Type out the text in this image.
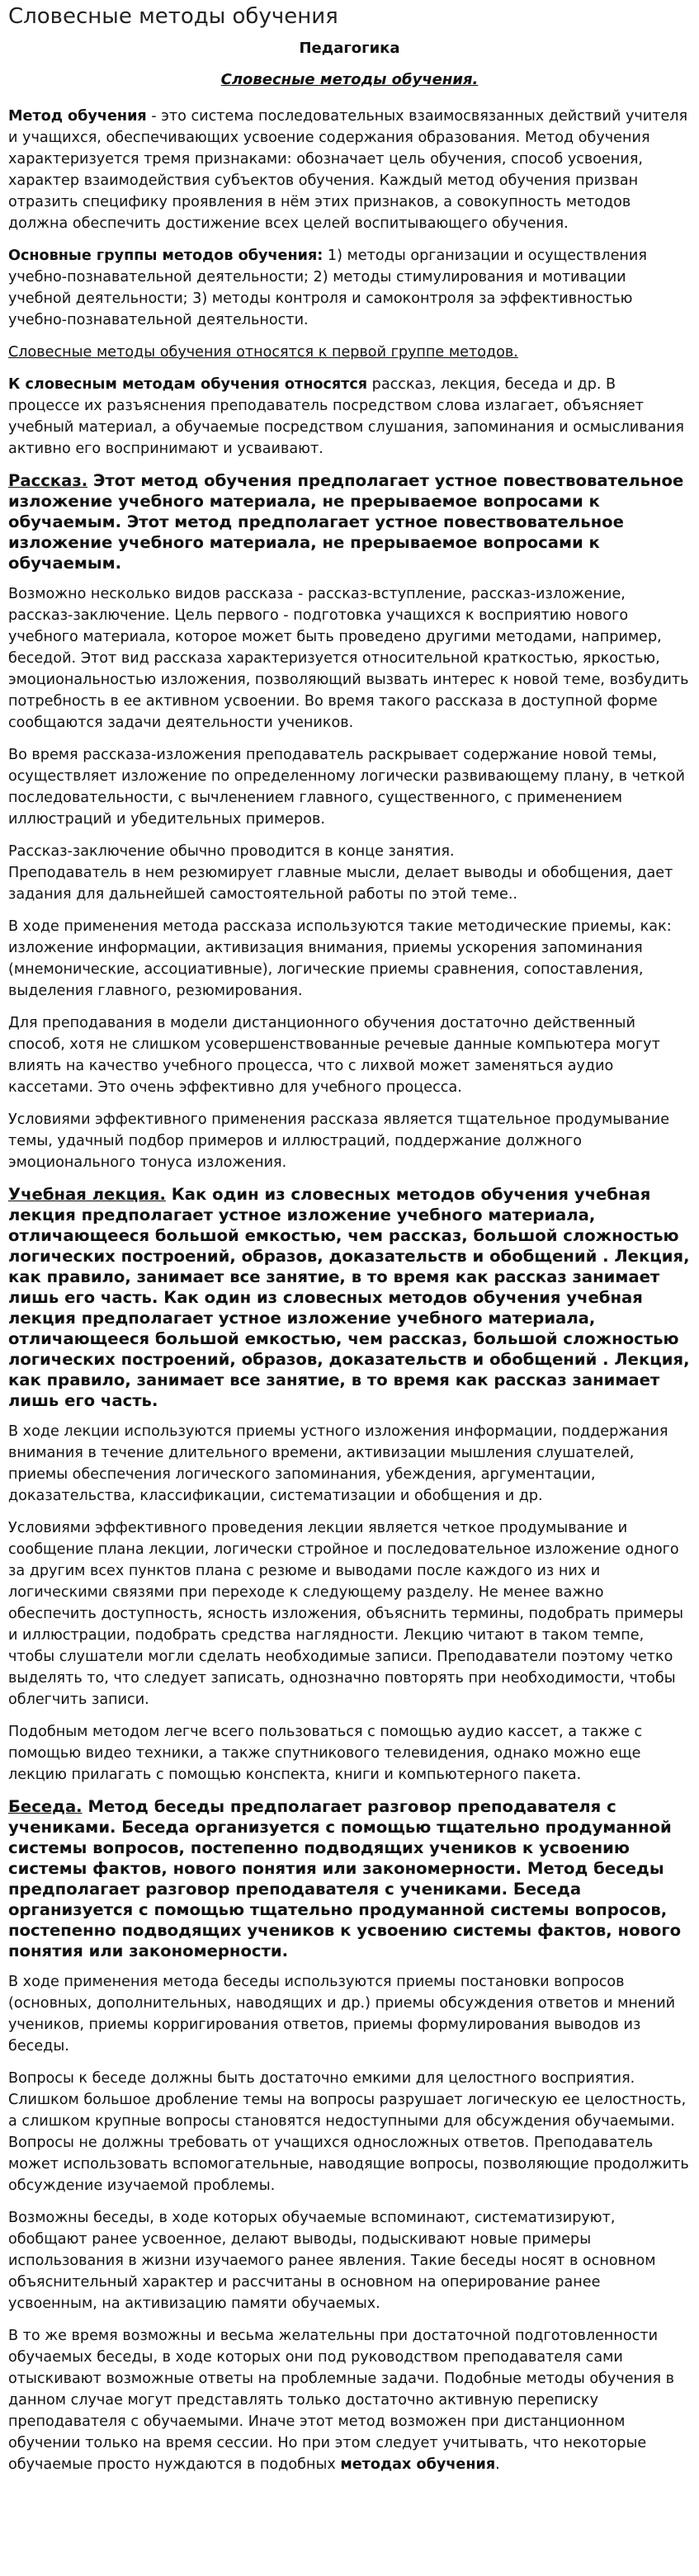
Словесные методы обучения
Педагогика
Словесные методы обучения.

Метод обучения - это система последовательных взаимосвязанных действий учителя и учащихся, обеспечивающих усвоение содержания образования. Метод обучения характеризуется тремя признаками: обозначает цель обучения, способ усвоения, характер взаимодействия субъектов обучения. Каждый метод обучения призван отразить специфику проявления в нём этих признаков, а совокупность методов должна обеспечить достижение всех целей воспитывающего обучения.

Основные группы методов обучения: 1) методы организации и осуществления учебно-познавательной деятельности; 2) методы стимулирования и мотивации учебной деятельности; 3) методы контроля и самоконтроля за эффективностью учебно-познавательной деятельности.

Словесные методы обучения относятся к первой группе методов.

К словесным методам обучения относятся рассказ, лекция, беседа и др. В процессе их разъяснения преподаватель посредством слова излагает, объясняет учебный материал, а обучаемые посредством слушания, запоминания и осмысливания активно его воспринимают и усваивают.

Рассказ. Этот метод обучения предполагает устное повествовательное изложение учебного материала, не прерываемое вопросами к обучаемым. Этот метод предполагает устное повествовательное изложение учебного материала, не прерываемое вопросами к обучаемым.

Возможно несколько видов рассказа - рассказ-вступление, рассказ-изложение, рассказ-заключение. Цель первого - подготовка учащихся к восприятию нового учебного материала, которое может быть проведено другими методами, например, беседой. Этот вид рассказа характеризуется относительной краткостью, яркостью, эмоциональностью изложения, позволяющий вызвать интерес к новой теме, возбудить потребность в ее активном усвоении. Во время такого рассказа в доступной форме сообщаются задачи деятельности учеников.

Во время рассказа-изложения преподаватель раскрывает содержание новой темы, осуществляет изложение по определенному логически развивающему плану, в четкой последовательности, с вычленением главного, существенного, с применением иллюстраций и убедительных примеров.

Рассказ-заключение обычно проводится в конце занятия.
Преподаватель в нем резюмирует главные мысли, делает выводы и обобщения, дает задания для дальнейшей самостоятельной работы по этой теме..

В ходе применения метода рассказа используются такие методические приемы, как: изложение информации, активизация внимания, приемы ускорения запоминания (мнемонические, ассоциативные), логические приемы сравнения, сопоставления, выделения главного, резюмирования.

Для преподавания в модели дистанционного обучения достаточно действенный способ, хотя не слишком усовершенствованные речевые данные компьютера могут влиять на качество учебного процесса, что с лихвой может заменяться аудио кассетами. Это очень эффективно для учебного процесса.

Условиями эффективного применения рассказа является тщательное продумывание темы, удачный подбор примеров и иллюстраций, поддержание должного эмоционального тонуса изложения.

Учебная лекция. Как один из словесных методов обучения учебная лекция предполагает устное изложение учебного материала, отличающееся большой емкостью, чем рассказ, большой сложностью логических построений, образов, доказательств и обобщений . Лекция, как правило, занимает все занятие, в то время как рассказ занимает лишь его часть. Как один из словесных методов обучения учебная лекция предполагает устное изложение учебного материала, отличающееся большой емкостью, чем рассказ, большой сложностью логических построений, образов, доказательств и обобщений . Лекция, как правило, занимает все занятие, в то время как рассказ занимает лишь его часть.

В ходе лекции используются приемы устного изложения информации, поддержания внимания в течение длительного времени, активизации мышления слушателей, приемы обеспечения логического запоминания, убеждения, аргументации, доказательства, классификации, систематизации и обобщения и др.

Условиями эффективного проведения лекции является четкое продумывание и сообщение плана лекции, логически стройное и последовательное изложение одного за другим всех пунктов плана с резюме и выводами после каждого из них и логическими связями при переходе к следующему разделу. Не менее важно обеспечить доступность, ясность изложения, объяснить термины, подобрать примеры и иллюстрации, подобрать средства наглядности. Лекцию читают в таком темпе, чтобы слушатели могли сделать необходимые записи. Преподаватели поэтому четко выделять то, что следует записать, однозначно повторять при необходимости, чтобы облегчить записи.

Подобным методом легче всего пользоваться с помощью аудио кассет, а также с помощью видео техники, а также спутникового телевидения, однако можно еще лекцию прилагать с помощью конспекта, книги и компьютерного пакета.

Беседа. Метод беседы предполагает разговор преподавателя с учениками. Беседа организуется с помощью тщательно продуманной системы вопросов, постепенно подводящих учеников к усвоению системы фактов, нового понятия или закономерности. Метод беседы предполагает разговор преподавателя с учениками. Беседа организуется с помощью тщательно продуманной системы вопросов, постепенно подводящих учеников к усвоению системы фактов, нового понятия или закономерности.

В ходе применения метода беседы используются приемы постановки вопросов (основных, дополнительных, наводящих и др.) приемы обсуждения ответов и мнений учеников, приемы корригирования ответов, приемы формулирования выводов из беседы.

Вопросы к беседе должны быть достаточно емкими для целостного восприятия. Слишком большое дробление темы на вопросы разрушает логическую ее целостность, а слишком крупные вопросы становятся недоступными для обсуждения обучаемыми. Вопросы не должны требовать от учащихся односложных ответов. Преподаватель может использовать вспомогательные, наводящие вопросы, позволяющие продолжить обсуждение изучаемой проблемы.

Возможны беседы, в ходе которых обучаемые вспоминают, систематизируют, обобщают ранее усвоенное, делают выводы, подыскивают новые примеры использования в жизни изучаемого ранее явления. Такие беседы носят в основном объяснительный характер и рассчитаны в основном на оперирование ранее усвоенным, на активизацию памяти обучаемых.

В то же время возможны и весьма желательны при достаточной подготовленности обучаемых беседы, в ходе которых они под руководством преподавателя сами отыскивают возможные ответы на проблемные задачи. Подобные методы обучения в данном случае могут представлять только достаточно активную переписку преподавателя с обучаемыми. Иначе этот метод возможен при дистанционном обучении только на время сессии. Но при этом следует учитывать, что некоторые обучаемые просто нуждаются в подобных методах обучения.
